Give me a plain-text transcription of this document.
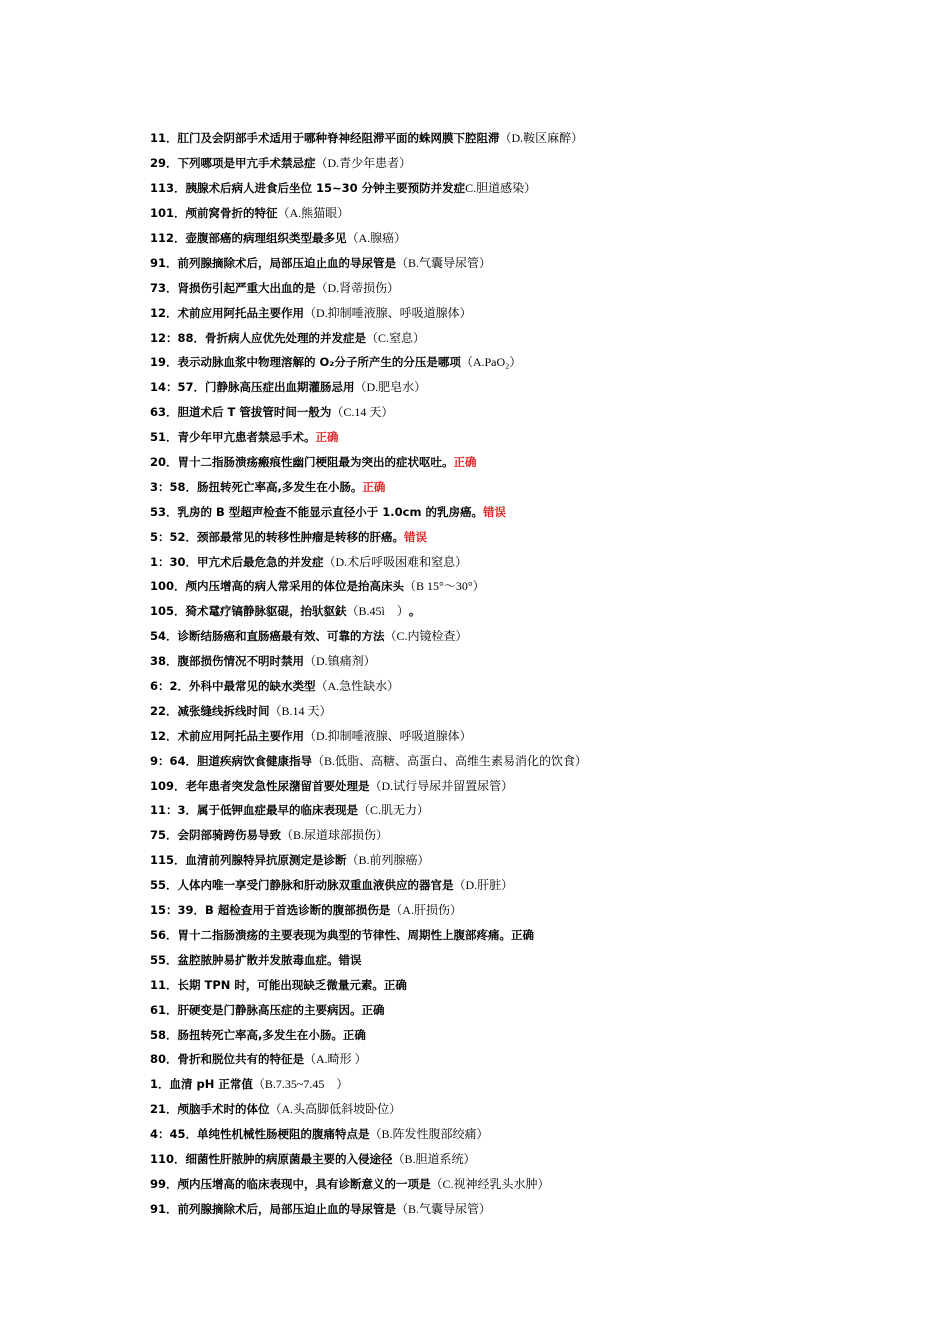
11．肛门及会阴部手术适用于哪种脊神经阻滞平面的蛛网膜下腔阻滞 （D.鞍区麻醉）
29．下列哪项是甲亢手术禁忌症 （D.青少年患者）
113．胰腺术后病人进食后坐位 15~30 分钟主要预防并发症 C.胆道感染）
101．颅前窝骨折的特征 （A.熊猫眼）
112．壶腹部癌的病理组织类型最多见 （A.腺癌）
91．前列腺摘除术后，局部压迫止血的导尿管是 （B.气囊导尿管）
73．肾损伤引起严重大出血的是 （D.肾蒂损伤）
12．术前应用阿托品主要作用 （D.抑制唾液腺、呼吸道腺体）
12：88．骨折病人应优先处理的并发症是 （C.窒息）
19．表示动脉血浆中物理溶解的 O₂分子所产生的分压是哪项 （A.PaO₂）
14：57．门静脉高压症出血期灌肠忌用 （D.肥皂水）
63．胆道术后 T 管拔管时间一般为 （C.14 天）
51．青少年甲亢患者禁忌手术。 正确
20．胃十二指肠溃疡瘢痕性幽门梗阻最为突出的症状呕吐。 正确
3：58．肠扭转死亡率高,多发生在小肠。 正确
53．乳房的 B 型超声检查不能显示直径小于 1.0cm 的乳房癌。 错误
5：52．颈部最常见的转移性肿瘤是转移的肝癌。 错误
1：30．甲亢术后最危急的并发症 （D.术后呼吸困难和窒息）
100．颅内压增高的病人常采用的体位是抬高床头 （B 15°～30°）
105．猗术鼋疗镐静脉䝙䃂，抬驮䝙鈇 （B.45ì　） 。
54．诊断结肠癌和直肠癌最有效、可靠的方法 （C.内镜检查）
38．腹部损伤情况不明时禁用 （D.镇痛剂）
6：2．外科中最常见的缺水类型 （A.急性缺水）
22．减张缝线拆线时间 （B.14 天）
12．术前应用阿托品主要作用 （D.抑制唾液腺、呼吸道腺体）
9：64．胆道疾病饮食健康指导 （B.低脂、高糖、高蛋白、高维生素易消化的饮食）
109．老年患者突发急性尿潴留首要处理是 （D.试行导尿并留置尿管）
11：3．属于低钾血症最早的临床表现是 （C.肌无力）
75．会阴部骑跨伤易导致 （B.尿道球部损伤）
115．血清前列腺特异抗原测定是诊断 （B.前列腺癌）
55．人体内唯一享受门静脉和肝动脉双重血液供应的器官是 （D.肝脏）
15：39．B 超检查用于首选诊断的腹部损伤是 （A.肝损伤）
56．胃十二指肠溃疡的主要表现为典型的节律性、周期性上腹部疼痛。正确
55．盆腔脓肿易扩散并发脓毒血症。错误
11．长期 TPN 时，可能出现缺乏微量元素。正确
61．肝硬变是门静脉高压症的主要病因。正确
58．肠扭转死亡率高,多发生在小肠。正确
80．骨折和脱位共有的特征是 （A.畸形 ）
1．血清 pH 正常值 （B.7.35~7.45　）
21．颅脑手术时的体位 （A.头高脚低斜坡卧位）
4：45．单纯性机械性肠梗阻的腹痛特点是 （B.阵发性腹部绞痛）
110．细菌性肝脓肿的病原菌最主要的入侵途径 （B.胆道系统）
99．颅内压增高的临床表现中，具有诊断意义的一项是 （C.视神经乳头水肿）
91．前列腺摘除术后，局部压迫止血的导尿管是 （B.气囊导尿管）
